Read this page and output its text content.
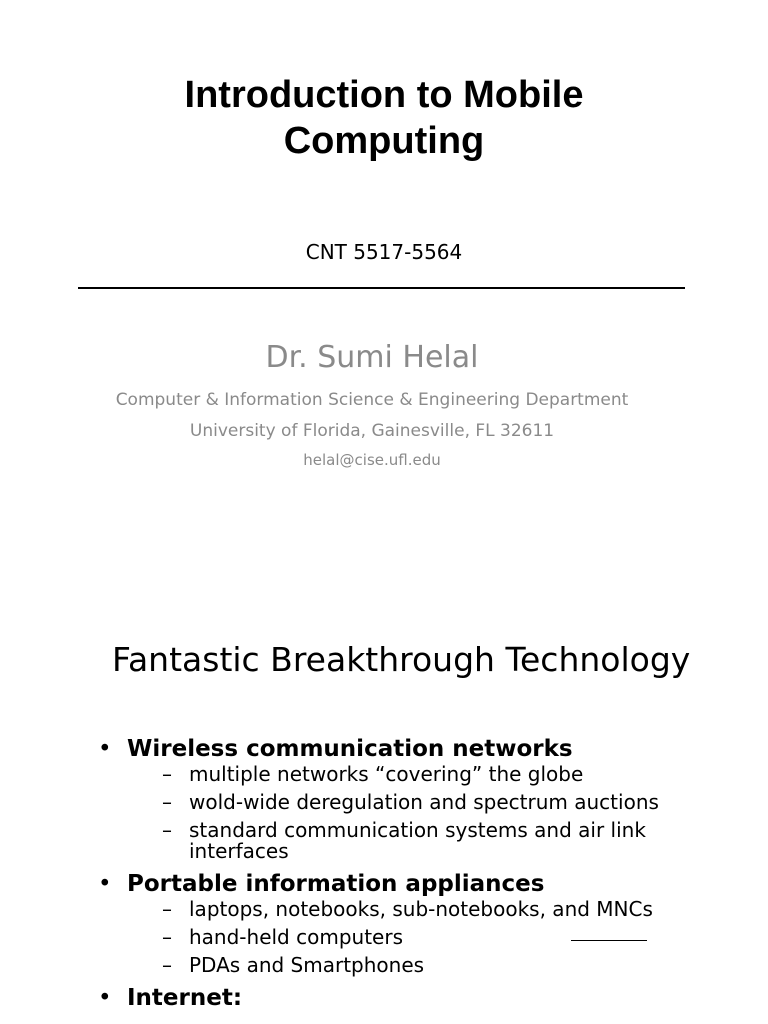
Introduction to Mobile
Computing
CNT 5517-5564
Dr. Sumi Helal
Computer & Information Science & Engineering Department
University of Florida, Gainesville, FL 32611
helal@cise.ufl.edu
Fantastic Breakthrough Technology
• Wireless communication networks
– multiple networks “covering” the globe
– wold-wide deregulation and spectrum auctions
– standard communication systems and air link interfaces
• Portable information appliances
– laptops, notebooks, sub-notebooks, and MNCs
– hand-held computers
– PDAs and Smartphones
• Internet:
